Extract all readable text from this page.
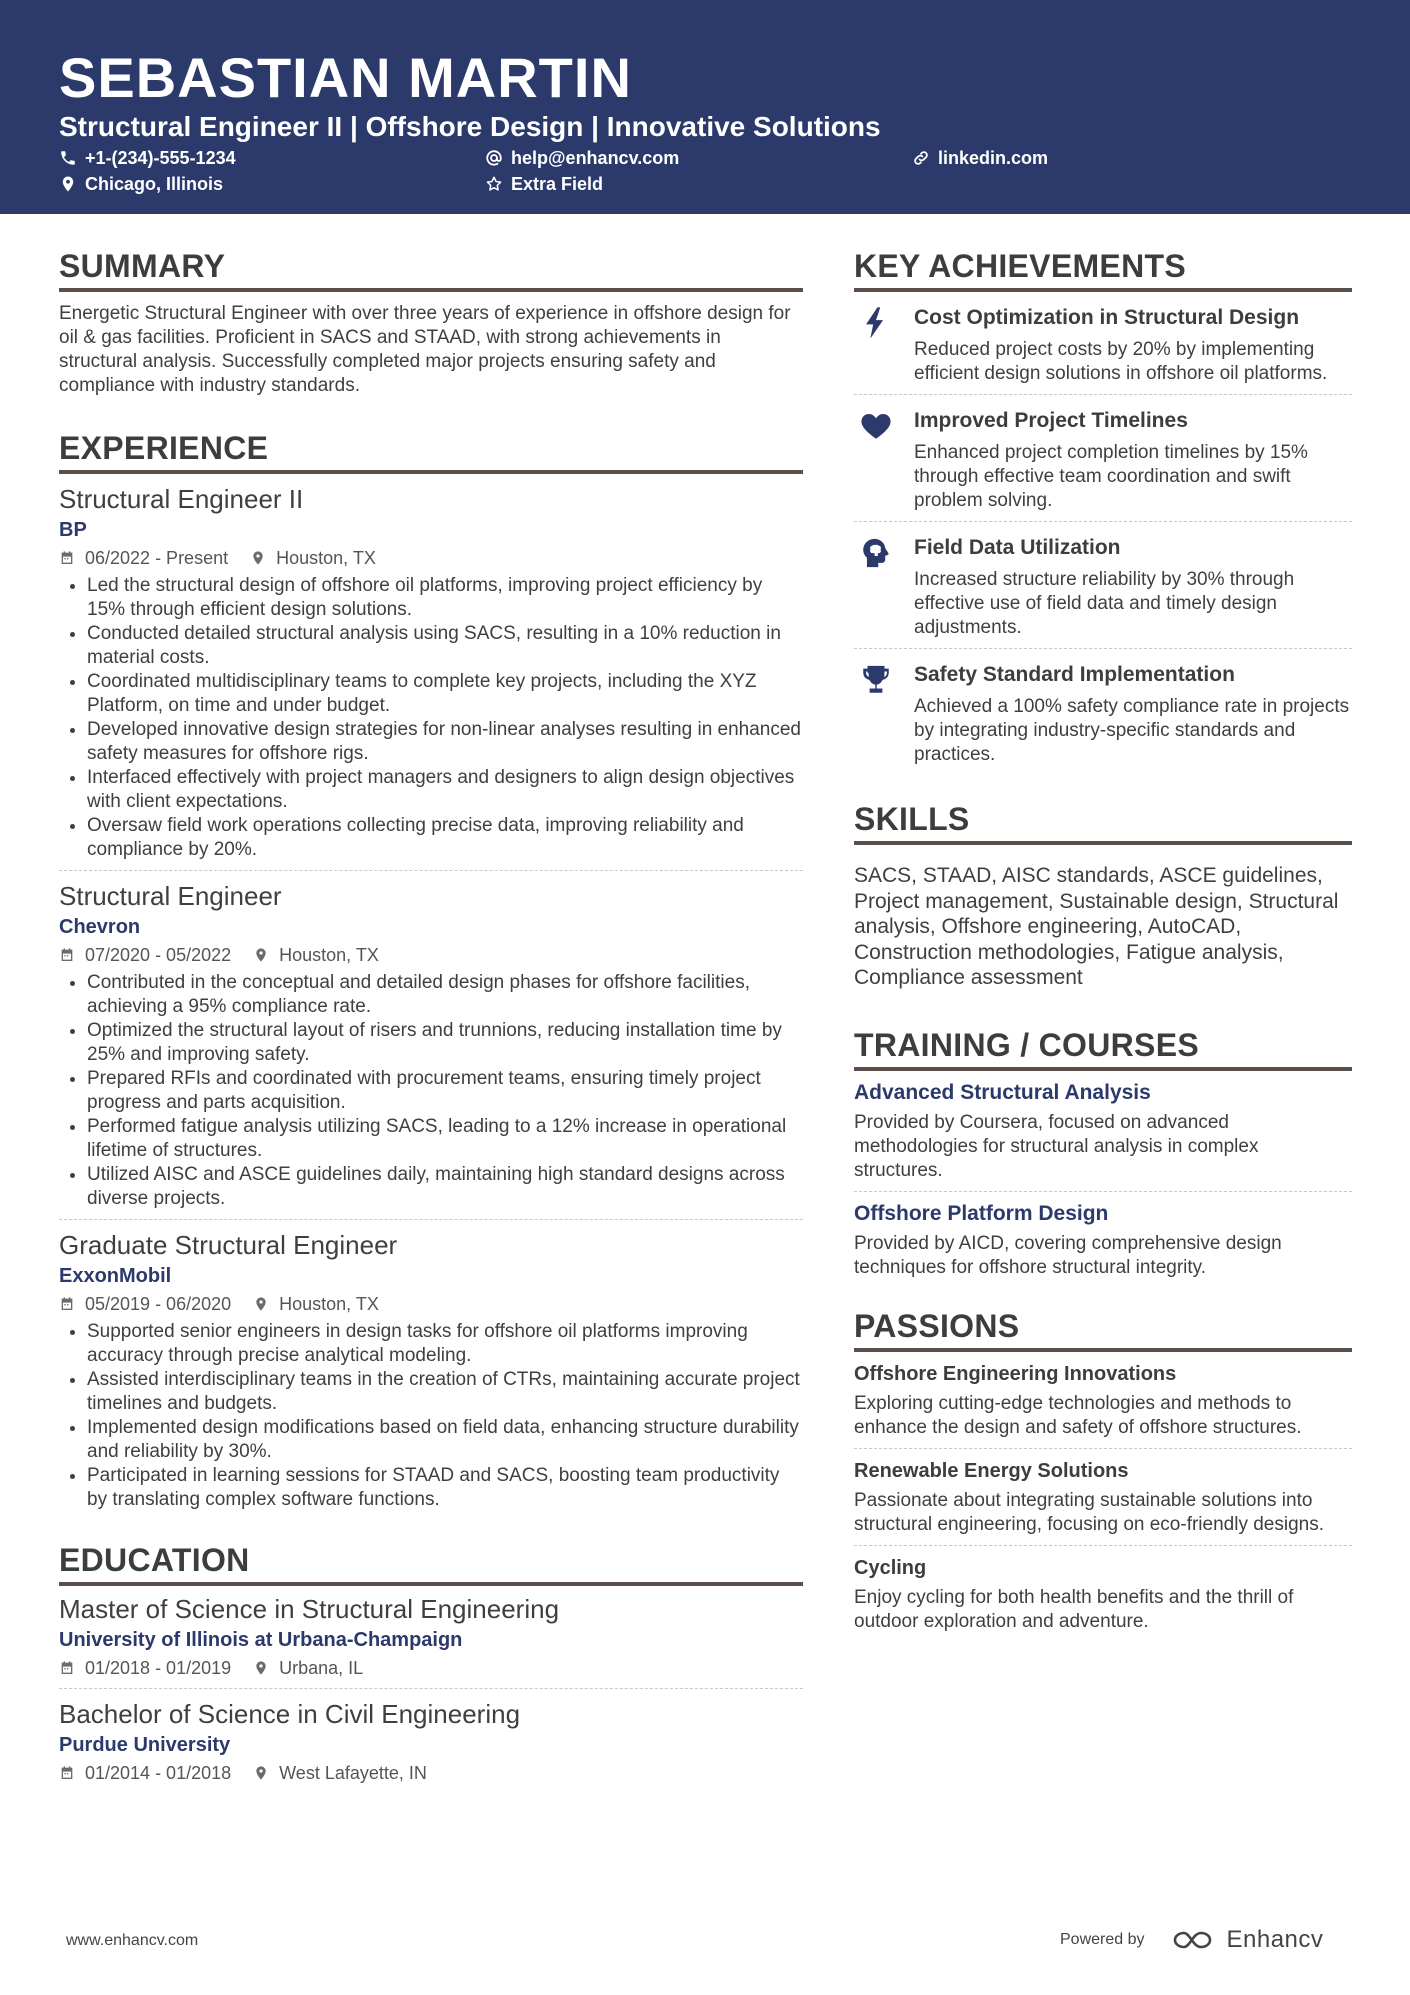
SEBASTIAN MARTIN
Structural Engineer II | Offshore Design | Innovative Solutions
+1-(234)-555-1234	help@enhancv.com	linkedin.com
Chicago, Illinois	Extra Field
SUMMARY

Energetic Structural Engineer with over three years of experience in offshore design for oil & gas facilities. Proficient in SACS and STAAD, with strong achievements in structural analysis. Successfully completed major projects ensuring safety and compliance with industry standards.

EXPERIENCE

Structural Engineer II

BP

06/2022 - Present	Houston, TX
• Led the structural design of offshore oil platforms, improving project efficiency by 15% through efficient design solutions.
• Conducted detailed structural analysis using SACS, resulting in a 10% reduction in material costs.
• Coordinated multidisciplinary teams to complete key projects, including the XYZ Platform, on time and under budget.
• Developed innovative design strategies for non-linear analyses resulting in enhanced safety measures for offshore rigs.
• Interfaced effectively with project managers and designers to align design objectives with client expectations.
• Oversaw field work operations collecting precise data, improving reliability and compliance by 20%.

Structural Engineer

Chevron

07/2020 - 05/2022	Houston, TX
• Contributed in the conceptual and detailed design phases for offshore facilities, achieving a 95% compliance rate.
• Optimized the structural layout of risers and trunnions, reducing installation time by 25% and improving safety.
• Prepared RFIs and coordinated with procurement teams, ensuring timely project progress and parts acquisition.
• Performed fatigue analysis utilizing SACS, leading to a 12% increase in operational lifetime of structures.
• Utilized AISC and ASCE guidelines daily, maintaining high standard designs across diverse projects.

Graduate Structural Engineer

ExxonMobil

05/2019 - 06/2020	Houston, TX
• Supported senior engineers in design tasks for offshore oil platforms improving accuracy through precise analytical modeling.
• Assisted interdisciplinary teams in the creation of CTRs, maintaining accurate project timelines and budgets.
• Implemented design modifications based on field data, enhancing structure durability and reliability by 30%.
• Participated in learning sessions for STAAD and SACS, boosting team productivity by translating complex software functions.
EDUCATION

Master of Science in Structural Engineering

University of Illinois at Urbana-Champaign

01/2018 - 01/2019	Urbana, IL

Bachelor of Science in Civil Engineering

Purdue University

01/2014 - 01/2018	West Lafayette, IN
KEY ACHIEVEMENTS

Cost Optimization in Structural Design

Reduced project costs by 20% by implementing efficient design solutions in offshore oil platforms.

Improved Project Timelines

Enhanced project completion timelines by 15% through effective team coordination and swift problem solving.

Field Data Utilization

Increased structure reliability by 30% through effective use of field data and timely design adjustments.

Safety Standard Implementation

Achieved a 100% safety compliance rate in projects by integrating industry-specific standards and practices.

SKILLS

SACS, STAAD, AISC standards, ASCE guidelines, Project management, Sustainable design, Structural analysis, Offshore engineering, AutoCAD, Construction methodologies, Fatigue analysis, Compliance assessment

TRAINING / COURSES

Advanced Structural Analysis

Provided by Coursera, focused on advanced methodologies for structural analysis in complex structures.

Offshore Platform Design

Provided by AICD, covering comprehensive design techniques for offshore structural integrity.

PASSIONS

Offshore Engineering Innovations

Exploring cutting-edge technologies and methods to enhance the design and safety of offshore structures.

Renewable Energy Solutions

Passionate about integrating sustainable solutions into structural engineering, focusing on eco-friendly designs.

Cycling

Enjoy cycling for both health benefits and the thrill of outdoor exploration and adventure.

www.enhancv.com	Powered by	Enhancv
